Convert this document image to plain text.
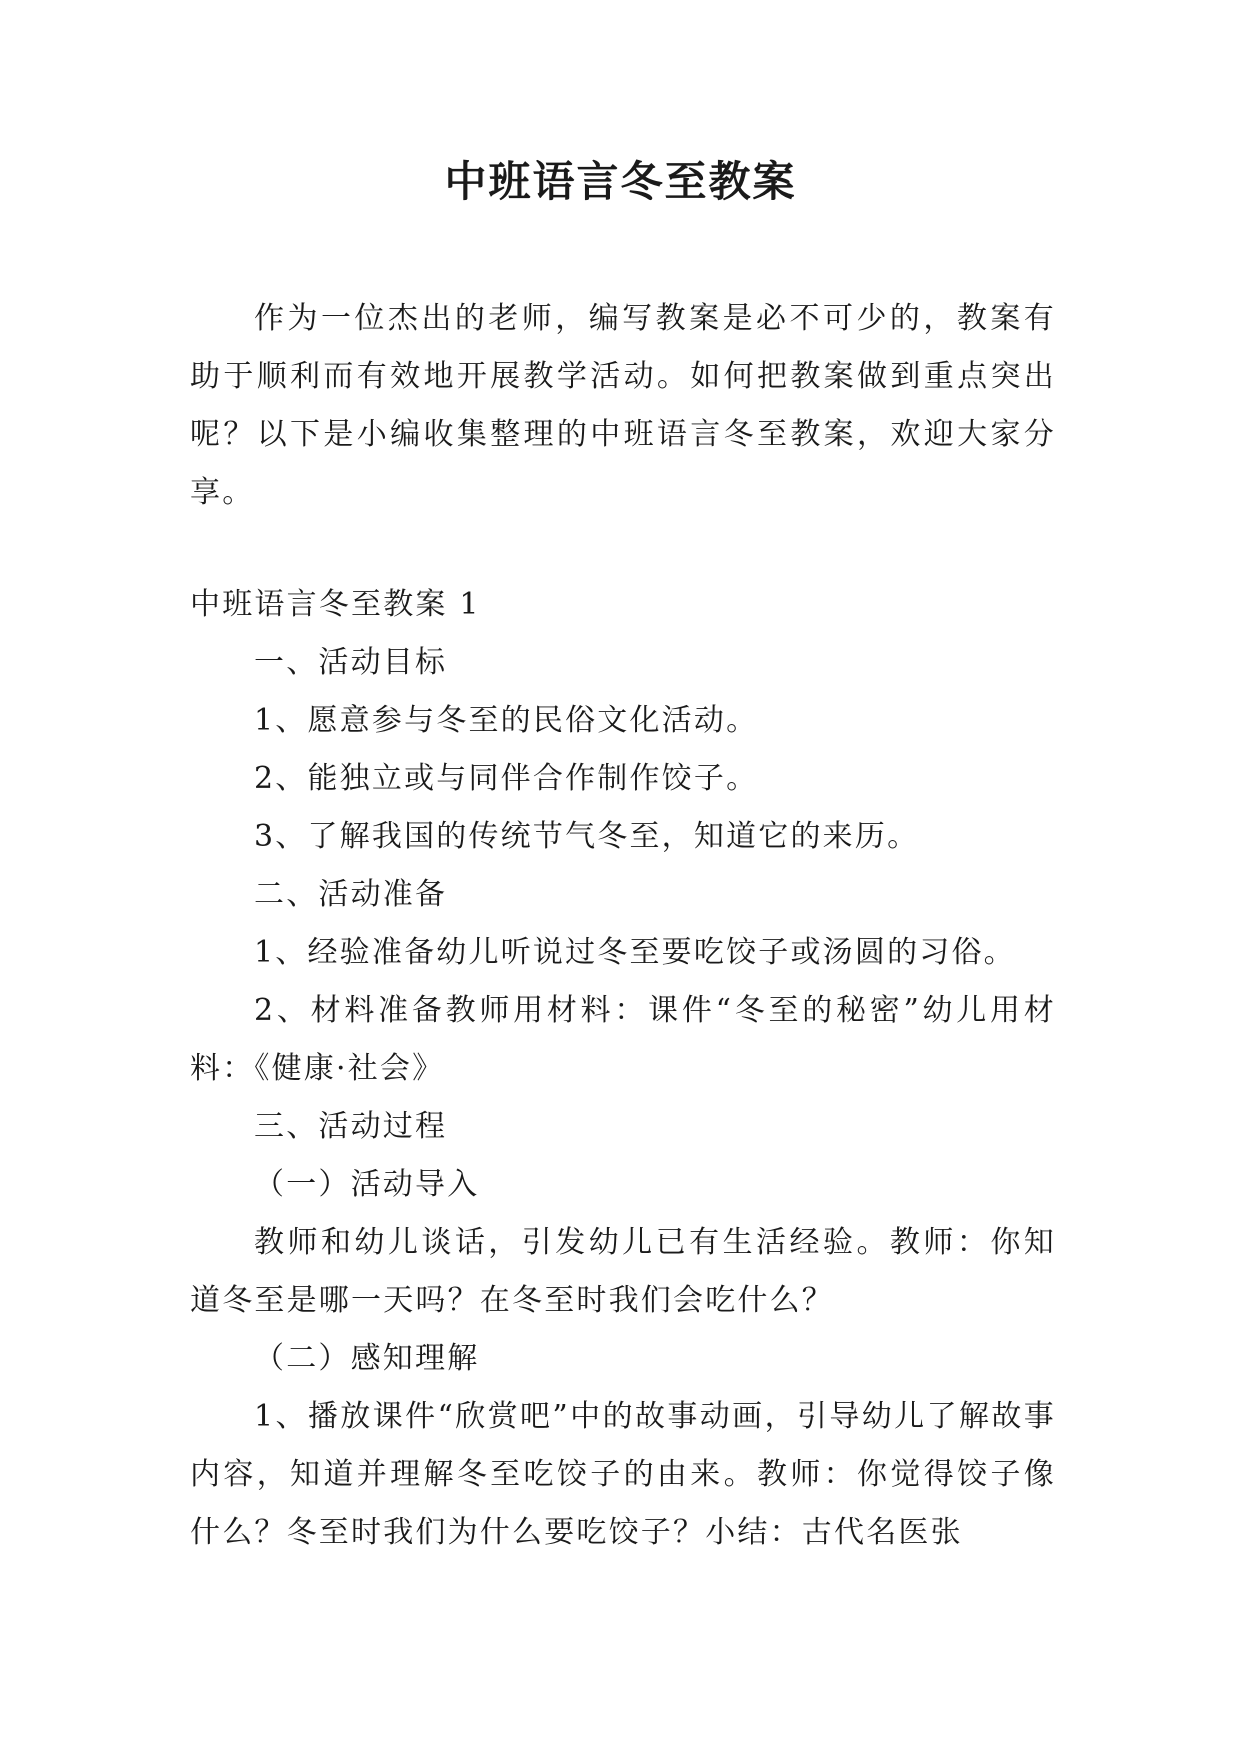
中班语言冬至教案

作为一位杰出的老师，编写教案是必不可少的，教案有助于顺利而有效地开展教学活动。如何把教案做到重点突出呢？以下是小编收集整理的中班语言冬至教案，欢迎大家分享。

中班语言冬至教案 1

一、活动目标

1、愿意参与冬至的民俗文化活动。

2、能独立或与同伴合作制作饺子。

3、了解我国的传统节气冬至，知道它的来历。

二、活动准备

1、经验准备幼儿听说过冬至要吃饺子或汤圆的习俗。

2、材料准备教师用材料：课件“冬至的秘密”幼儿用材料：《健康·社会》

三、活动过程

（一）活动导入

教师和幼儿谈话，引发幼儿已有生活经验。教师：你知道冬至是哪一天吗？在冬至时我们会吃什么？

（二）感知理解

1、播放课件“欣赏吧”中的故事动画，引导幼儿了解故事内容，知道并理解冬至吃饺子的由来。教师：你觉得饺子像什么？冬至时我们为什么要吃饺子？小结：古代名医张
